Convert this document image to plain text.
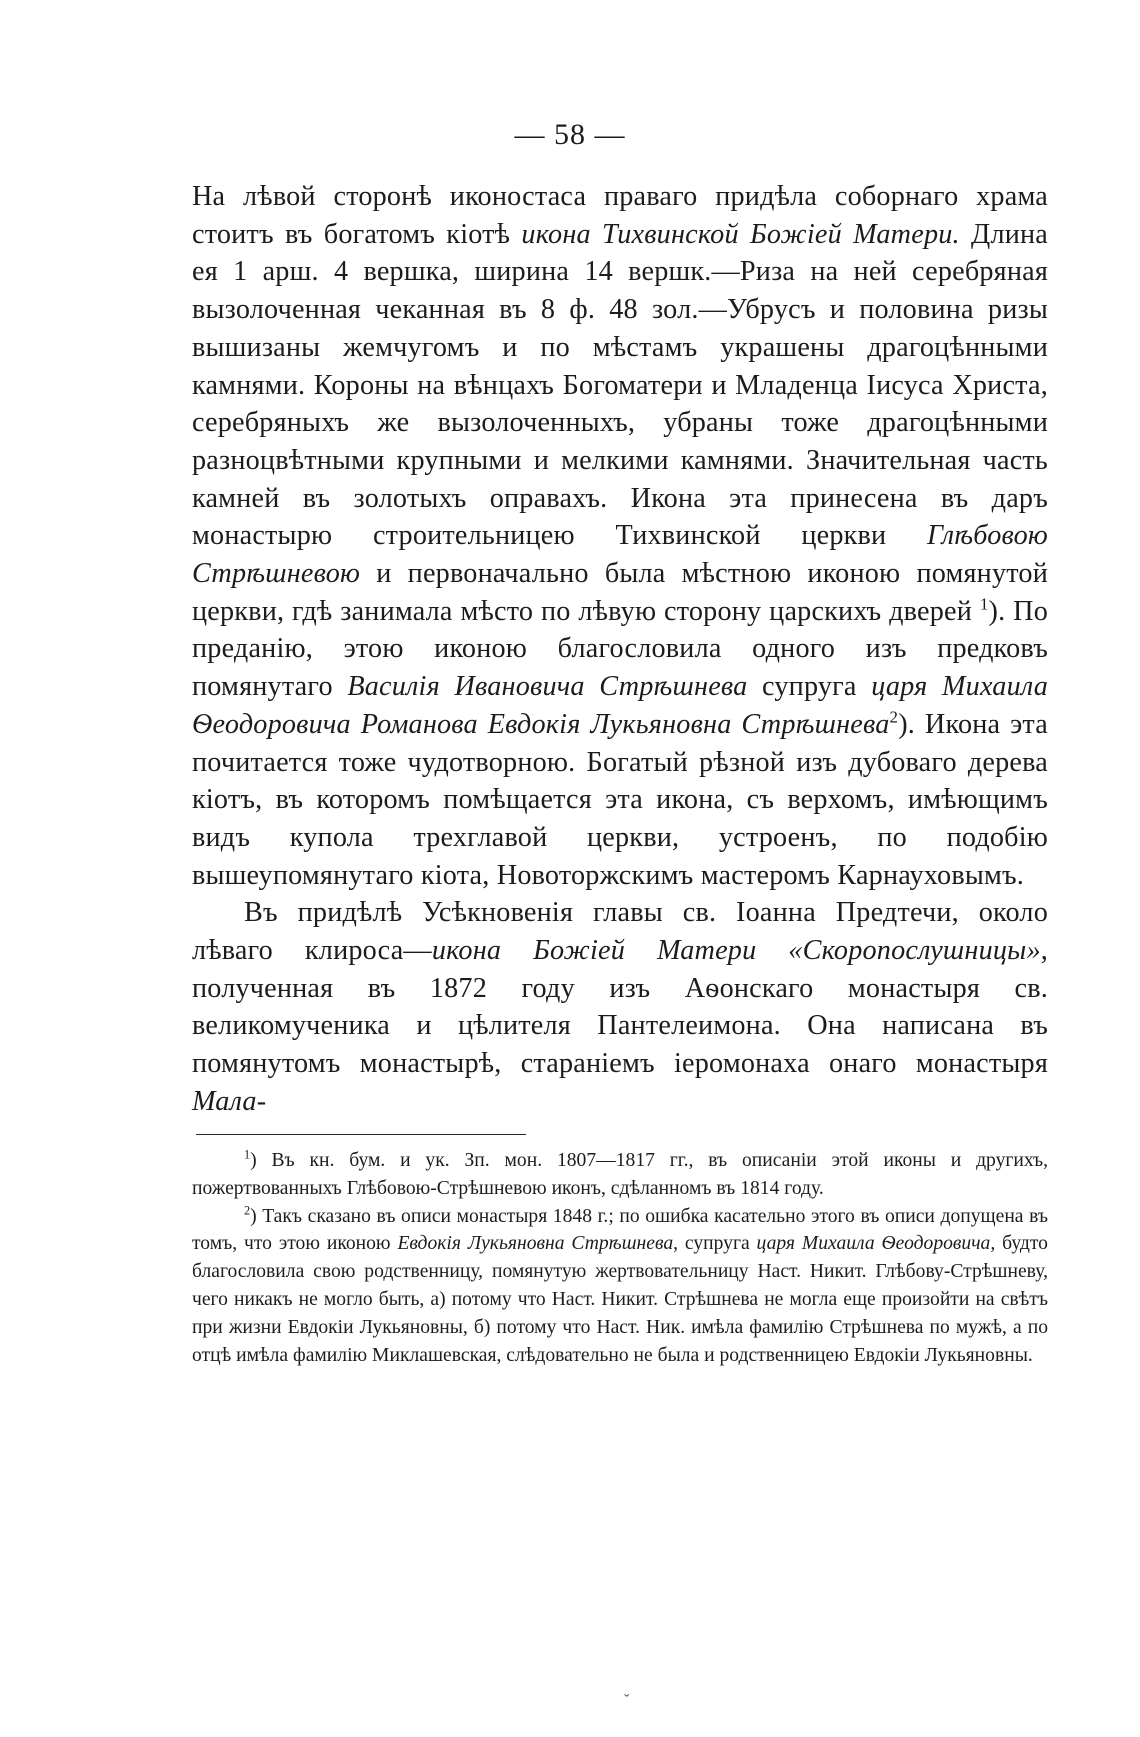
— 58 —

На лѣвой сторонѣ иконостаса праваго придѣла соборнаго храма стоитъ въ богатомъ кіотѣ икона Тихвинской Божіей Матери. Длина ея 1 арш. 4 вершка, ширина 14 вершк.—Риза на ней серебряная вызолоченная чеканная въ 8 ф. 48 зол.—Убрусъ и половина ризы вышизаны жемчугомъ и по мѣстамъ украшены драгоцѣнными камнями. Короны на вѣнцахъ Богоматери и Младенца Іисуса Христа, серебряныхъ же вызолоченныхъ, убраны тоже драгоцѣнными разноцвѣтными крупными и мелкими камнями. Значительная часть камней въ золотыхъ оправахъ. Икона эта принесена въ даръ монастырю строительницею Тихвинской церкви Глѣбовою Стрѣшневою и первоначально была мѣстною иконою помянутой церкви, гдѣ занимала мѣсто по лѣвую сторону царскихъ дверей $^1$). По преданію, этою иконою благословила одного изъ предковъ помянутаго Василія Ивановича Стрѣшнева супруга царя Михаила Ѳеодоровича Романова Евдокія Лукьяновна Стрѣшнева$^2$). Икона эта почитается тоже чудотворною. Богатый рѣзной изъ дубоваго дерева кіотъ, въ которомъ помѣщается эта икона, съ верхомъ, имѣющимъ видъ купола трехглавой церкви, устроенъ, по подобію вышеупомянутаго кіота, Новоторжскимъ мастеромъ Карнауховымъ.

Въ придѣлѣ Усѣкновенія главы св. Іоанна Предтечи, около лѣваго клироса—икона Божіей Матери «Скоропослушницы», полученная въ 1872 году изъ Аѳонскаго монастыря св. великомученика и цѣлителя Пантелеимона. Она написана въ помянутомъ монастырѣ, стараніемъ іеромонаха онаго монастыря Мала-

$^1$) Въ кн. бум. и ук. Зп. мон. 1807—1817 гг., въ описаніи этой иконы и другихъ, пожертвованныхъ Глѣбовою-Стрѣшневою иконъ, сдѣланномъ въ 1814 году.

$^2$) Такъ сказано въ описи монастыря 1848 г.; по ошибка касательно этого въ описи допущена въ томъ, что этою иконою Евдокія Лукьяновна Стрѣшнева, супруга царя Михаила Ѳеодоровича, будто благословила свою родственницу, помянутую жертвовательницу Наст. Никит. Глѣбову-Стрѣшневу, чего никакъ не могло быть, а) потому что Наст. Никит. Стрѣшнева не могла еще произойти на свѣтъ при жизни Евдокіи Лукьяновны, б) потому что Наст. Ник. имѣла фамилію Стрѣшнева по мужѣ, а по отцѣ имѣла фамилію Миклашевская, слѣдовательно не была и родственницею Евдокіи Лукьяновны.

ˇ
